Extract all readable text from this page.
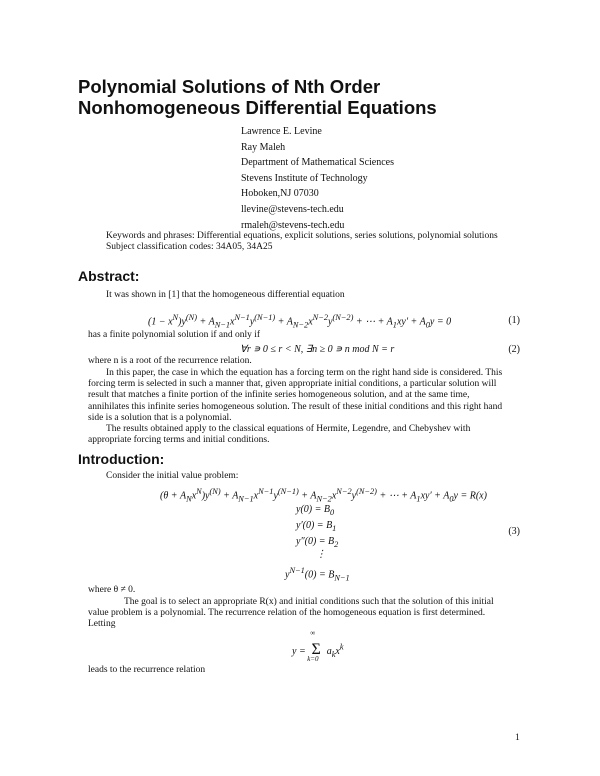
Polynomial Solutions of Nth Order
Nonhomogeneous Differential Equations
Lawrence E. Levine
Ray Maleh
Department of Mathematical Sciences
Stevens Institute of Technology
Hoboken,NJ 07030
llevine@stevens-tech.edu
rmaleh@stevens-tech.edu
Keywords and phrases: Differential equations, explicit solutions, series solutions, polynomial solutions
Subject classification codes: 34A05, 34A25
Abstract:
It was shown in [1] that the homogeneous differential equation
$(1 - x^N)y^{(N)} + A_{N-1}x^{N-1}y^{(N-1)} + A_{N-2}x^{N-2}y^{(N-2)}$ + ⋯ + $A_1xy' + A_0y = 0$	(1)
has a finite polynomial solution if and only if
∀r ∍ 0 ≤ r < N, ∃n ≥ 0 ∍ n mod N = r	(2)
where n is a root of the recurrence relation.
In this paper, the case in which the equation has a forcing term on the right hand side is considered. This
forcing term is selected in such a manner that, given appropriate initial conditions, a particular solution will
result that matches a finite portion of the infinite series homogeneous solution, and at the same time,
annihilates this infinite series homogeneous solution. The result of these initial conditions and this right hand
side is a solution that is a polynomial.
The results obtained apply to the classical equations of Hermite, Legendre, and Chebyshev with
appropriate forcing terms and initial conditions.
Introduction:
Consider the initial value problem:
$(\theta + A_Nx^N)y^{(N)} + A_{N-1}x^{N-1}y^{(N-1)} + A_{N-2}x^{N-2}y^{(N-2)}$ + ⋯ + $A_1xy' + A_0y = R(x)$
$y(0) = B_0$
$y'(0) = B_1$
$y''(0) = B_2$
⋮
$y^{N-1}(0) = B_{N-1}$
(3)
where θ ≠ 0.
The goal is to select an appropriate R(x) and initial conditions such that the solution of this initial
value problem is a polynomial. The recurrence relation of the homogeneous equation is first determined.
Letting
y =
∞
Σ
k=0
$a_kx^k$
leads to the recurrence relation
1
